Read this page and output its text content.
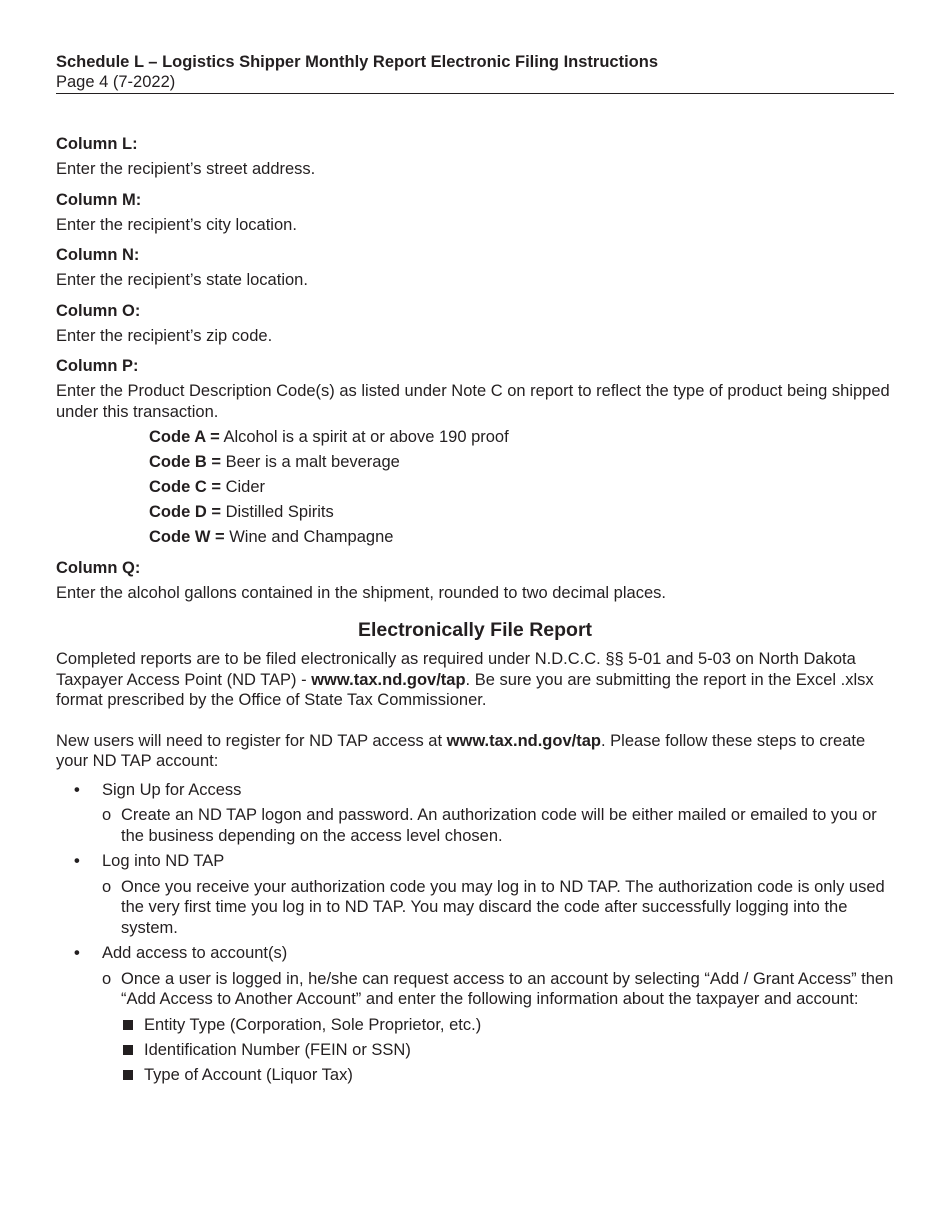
Schedule L – Logistics Shipper Monthly Report Electronic Filing Instructions
Page 4 (7-2022)
Column L:
Enter the recipient’s street address.
Column M:
Enter the recipient’s city location.
Column N:
Enter the recipient’s state location.
Column O:
Enter the recipient’s zip code.
Column P:
Enter the Product Description Code(s) as listed under Note C on report to reflect the type of product being shipped under this transaction.
Code A = Alcohol is a spirit at or above 190 proof
Code B = Beer is a malt beverage
Code C = Cider
Code D = Distilled Spirits
Code W = Wine and Champagne
Column Q:
Enter the alcohol gallons contained in the shipment, rounded to two decimal places.
Electronically File Report

Completed reports are to be filed electronically as required under N.D.C.C. §§ 5-01 and 5-03 on North Dakota Taxpayer Access Point (ND TAP) - www.tax.nd.gov/tap. Be sure you are submitting the report in the Excel .xlsx format prescribed by the Office of State Tax Commissioner.

New users will need to register for ND TAP access at www.tax.nd.gov/tap. Please follow these steps to create your ND TAP account:

• Sign Up for Access
o Create an ND TAP logon and password. An authorization code will be either mailed or emailed to you or the business depending on the access level chosen.
• Log into ND TAP
o Once you receive your authorization code you may log in to ND TAP. The authorization code is only used the very first time you log in to ND TAP. You may discard the code after successfully logging into the system.
• Add access to account(s)
o Once a user is logged in, he/she can request access to an account by selecting “Add / Grant Access” then “Add Access to Another Account” and enter the following information about the taxpayer and account:
Entity Type (Corporation, Sole Proprietor, etc.)
Identification Number (FEIN or SSN)
Type of Account (Liquor Tax)
